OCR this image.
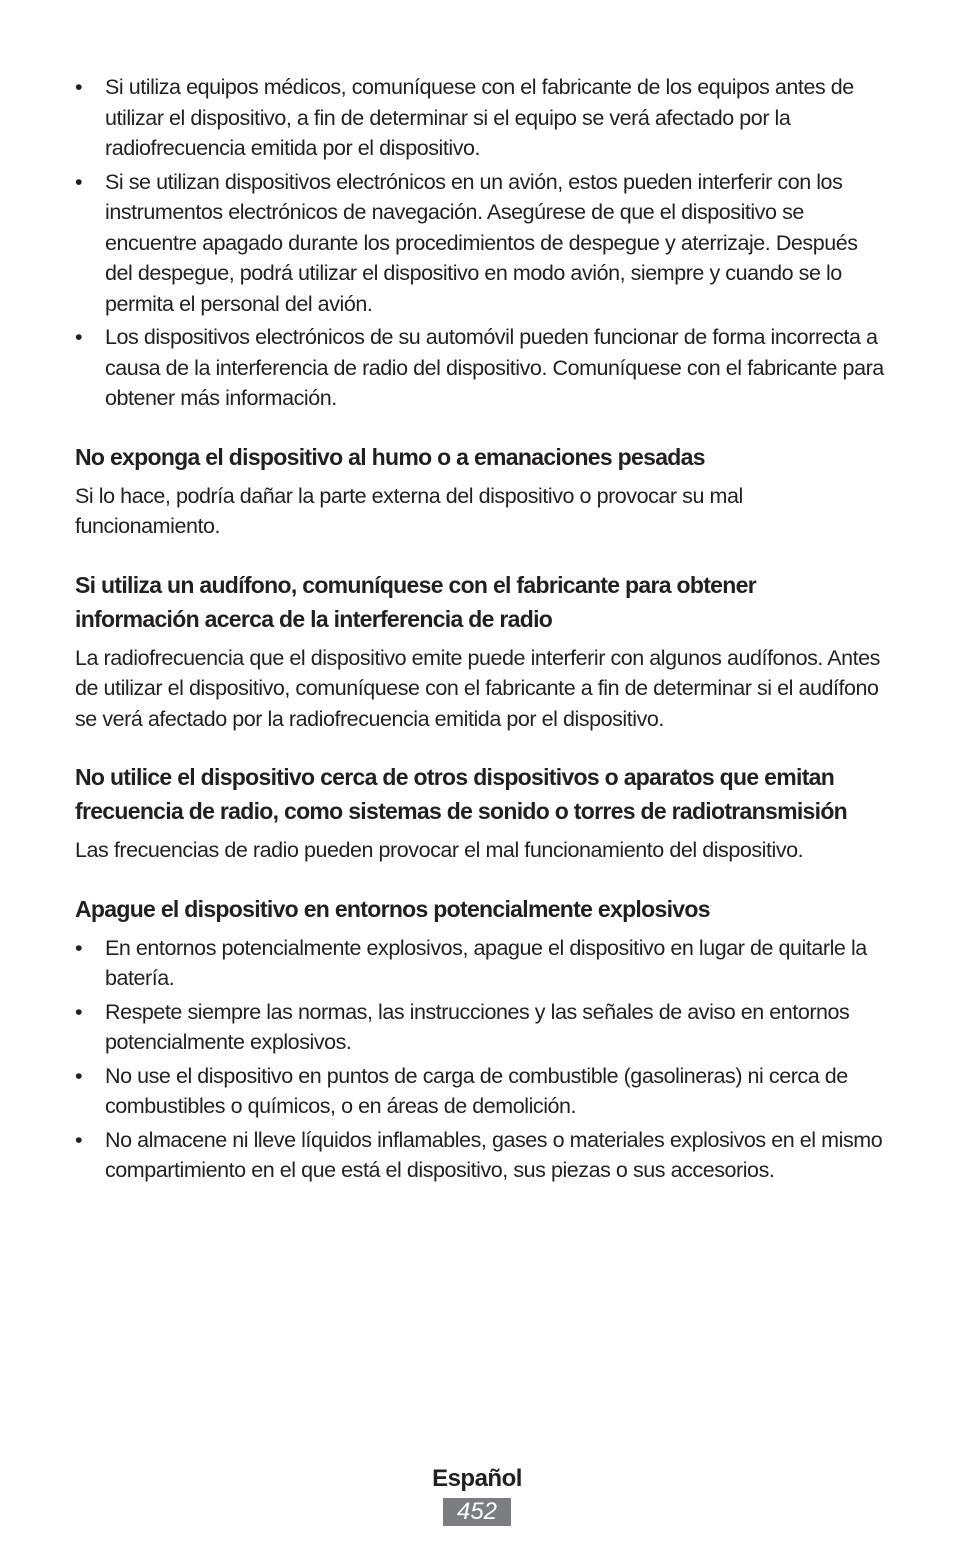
• Si utiliza equipos médicos, comuníquese con el fabricante de los equipos antes de utilizar el dispositivo, a fin de determinar si el equipo se verá afectado por la radiofrecuencia emitida por el dispositivo.
• Si se utilizan dispositivos electrónicos en un avión, estos pueden interferir con los instrumentos electrónicos de navegación. Asegúrese de que el dispositivo se encuentre apagado durante los procedimientos de despegue y aterrizaje. Después del despegue, podrá utilizar el dispositivo en modo avión, siempre y cuando se lo permita el personal del avión.
• Los dispositivos electrónicos de su automóvil pueden funcionar de forma incorrecta a causa de la interferencia de radio del dispositivo. Comuníquese con el fabricante para obtener más información.
No exponga el dispositivo al humo o a emanaciones pesadas

Si lo hace, podría dañar la parte externa del dispositivo o provocar su mal funcionamiento.

Si utiliza un audífono, comuníquese con el fabricante para obtener información acerca de la interferencia de radio

La radiofrecuencia que el dispositivo emite puede interferir con algunos audífonos. Antes de utilizar el dispositivo, comuníquese con el fabricante a fin de determinar si el audífono se verá afectado por la radiofrecuencia emitida por el dispositivo.

No utilice el dispositivo cerca de otros dispositivos o aparatos que emitan frecuencia de radio, como sistemas de sonido o torres de radiotransmisión

Las frecuencias de radio pueden provocar el mal funcionamiento del dispositivo.

Apague el dispositivo en entornos potencialmente explosivos
• En entornos potencialmente explosivos, apague el dispositivo en lugar de quitarle la batería.
• Respete siempre las normas, las instrucciones y las señales de aviso en entornos potencialmente explosivos.
• No use el dispositivo en puntos de carga de combustible (gasolineras) ni cerca de combustibles o químicos, o en áreas de demolición.
• No almacene ni lleve líquidos inflamables, gases o materiales explosivos en el mismo compartimiento en el que está el dispositivo, sus piezas o sus accesorios.
Español
452
